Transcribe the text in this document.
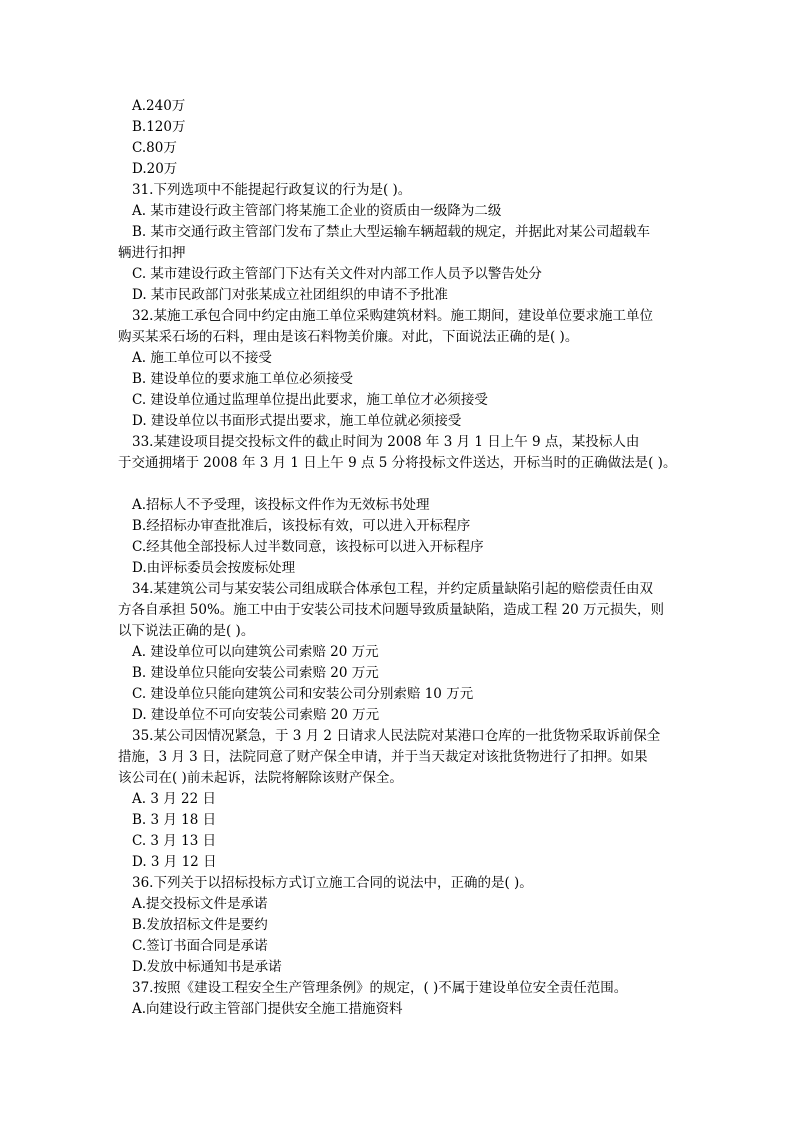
A.240万
B.120万
C.80万
D.20万
31.下列选项中不能提起行政复议的行为是( )。
A. 某市建设行政主管部门将某施工企业的资质由一级降为二级
B. 某市交通行政主管部门发布了禁止大型运输车辆超载的规定，并据此对某公司超载车
辆进行扣押
C. 某市建设行政主管部门下达有关文件对内部工作人员予以警告处分
D. 某市民政部门对张某成立社团组织的申请不予批准
32.某施工承包合同中约定由施工单位采购建筑材料。施工期间，建设单位要求施工单位
购买某采石场的石料，理由是该石料物美价廉。对此，下面说法正确的是( )。
A. 施工单位可以不接受
B. 建设单位的要求施工单位必须接受
C. 建设单位通过监理单位提出此要求，施工单位才必须接受
D. 建设单位以书面形式提出要求，施工单位就必须接受
33.某建设项目提交投标文件的截止时间为 2008 年 3 月 1 日上午 9 点，某投标人由
于交通拥堵于 2008 年 3 月 1 日上午 9 点 5 分将投标文件送达，开标当时的正确做法是( )。
A.招标人不予受理，该投标文件作为无效标书处理
B.经招标办审查批准后，该投标有效，可以进入开标程序
C.经其他全部投标人过半数同意，该投标可以进入开标程序
D.由评标委员会按废标处理
34.某建筑公司与某安装公司组成联合体承包工程，并约定质量缺陷引起的赔偿责任由双
方各自承担 50%。施工中由于安装公司技术问题导致质量缺陷，造成工程 20 万元损失，则
以下说法正确的是( )。
A. 建设单位可以向建筑公司索赔 20 万元
B. 建设单位只能向安装公司索赔 20 万元
C. 建设单位只能向建筑公司和安装公司分别索赔 10 万元
D. 建设单位不可向安装公司索赔 20 万元
35.某公司因情况紧急，于 3 月 2 日请求人民法院对某港口仓库的一批货物采取诉前保全
措施，3 月 3 日，法院同意了财产保全申请，并于当天裁定对该批货物进行了扣押。如果
该公司在( )前未起诉，法院将解除该财产保全。
A. 3 月 22 日
B. 3 月 18 日
C. 3 月 13 日
D. 3 月 12 日
36.下列关于以招标投标方式订立施工合同的说法中，正确的是( )。
A.提交投标文件是承诺
B.发放招标文件是要约
C.签订书面合同是承诺
D.发放中标通知书是承诺
37.按照《建设工程安全生产管理条例》的规定，( )不属于建设单位安全责任范围。
A.向建设行政主管部门提供安全施工措施资料
